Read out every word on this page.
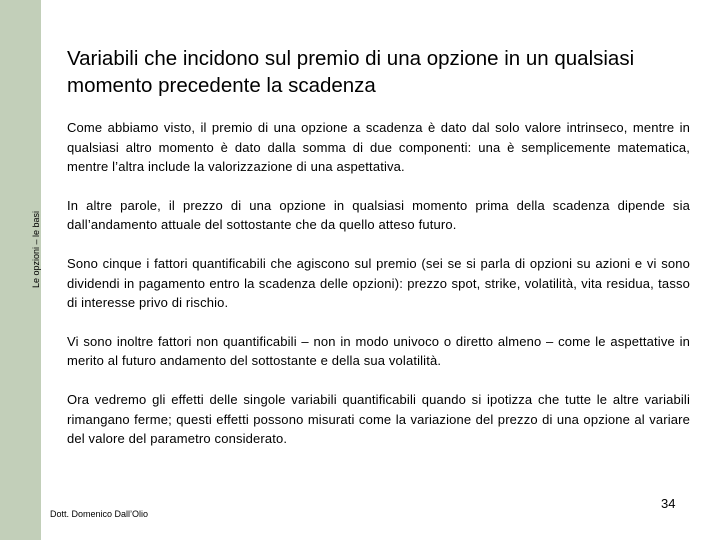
Le opzioni – le basi
Variabili che incidono sul premio di una opzione in un qualsiasi momento precedente la scadenza

Come abbiamo visto, il premio di una opzione a scadenza è dato dal solo valore intrinseco, mentre in qualsiasi altro momento è dato dalla somma di due componenti: una è semplicemente matematica, mentre l’altra include la valorizzazione di una aspettativa.

In altre parole, il prezzo di una opzione in qualsiasi momento prima della scadenza dipende sia dall’andamento attuale del sottostante che da quello atteso futuro.

Sono cinque i fattori quantificabili che agiscono sul premio (sei se si parla di opzioni su azioni e vi sono dividendi in pagamento entro la scadenza delle opzioni): prezzo spot, strike, volatilità, vita residua, tasso di interesse privo di rischio.

Vi sono inoltre fattori non quantificabili – non in modo univoco o diretto almeno – come le aspettative in merito al futuro andamento del sottostante e della sua volatilità.

Ora vedremo gli effetti delle singole variabili quantificabili quando si ipotizza che tutte le altre variabili rimangano ferme; questi effetti possono misurati come la variazione del prezzo di una opzione al variare del valore del parametro considerato.

Dott. Domenico Dall’Olio
34
